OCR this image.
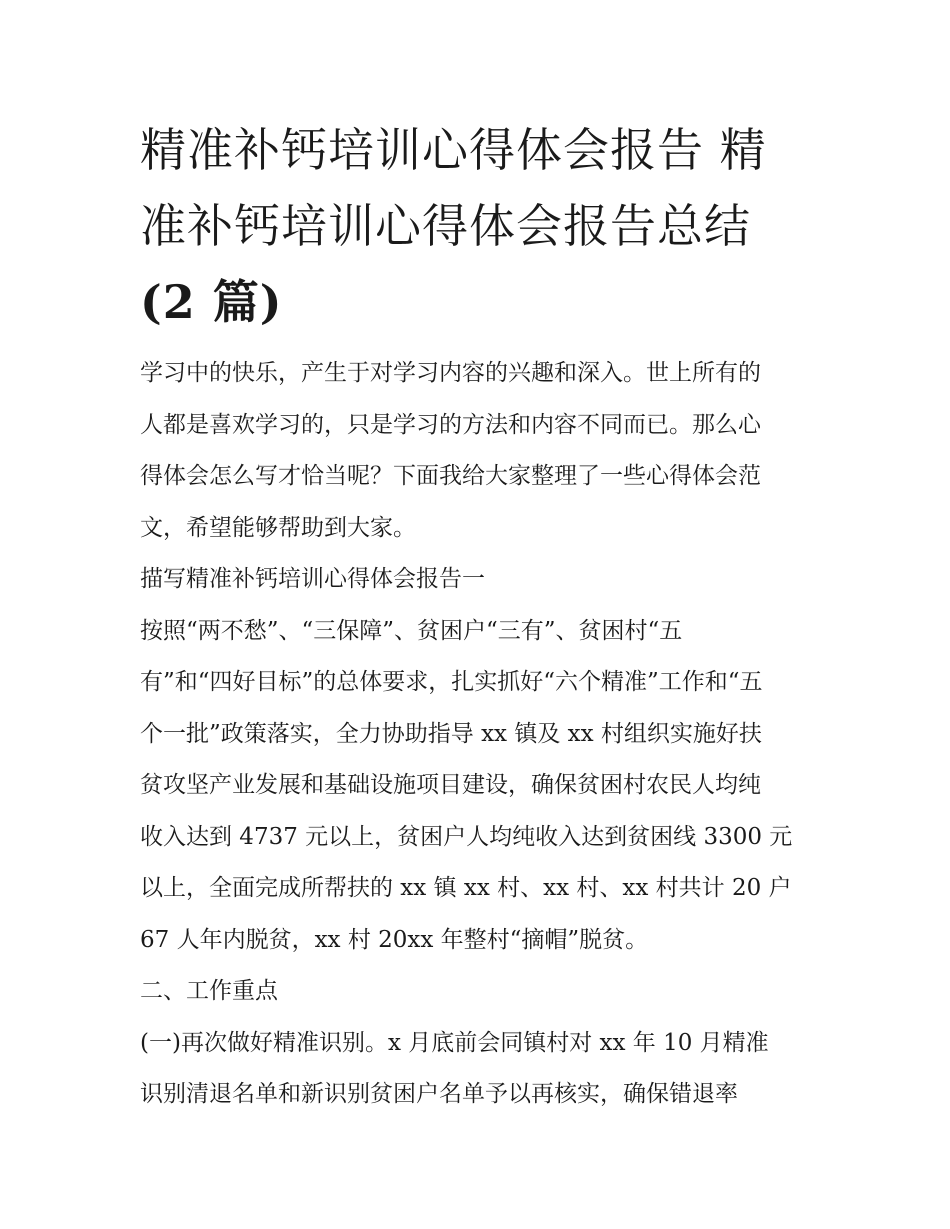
精准补钙培训心得体会报告 精
准补钙培训心得体会报告总结
(2 篇)

学习中的快乐，产生于对学习内容的兴趣和深入。世上所有的

人都是喜欢学习的，只是学习的方法和内容不同而已。那么心

得体会怎么写才恰当呢？下面我给大家整理了一些心得体会范

文，希望能够帮助到大家。

描写精准补钙培训心得体会报告一

按照“两不愁”、“三保障”、贫困户“三有”、贫困村“五

有”和“四好目标”的总体要求，扎实抓好“六个精准”工作和“五

个一批”政策落实，全力协助指导 xx 镇及 xx 村组织实施好扶

贫攻坚产业发展和基础设施项目建设，确保贫困村农民人均纯

收入达到 4737 元以上，贫困户人均纯收入达到贫困线 3300 元

以上，全面完成所帮扶的 xx 镇 xx 村、xx 村、xx 村共计 20 户

67 人年内脱贫，xx 村 20xx 年整村“摘帽”脱贫。

二、工作重点

(一)再次做好精准识别。x 月底前会同镇村对 xx 年 10 月精准

识别清退名单和新识别贫困户名单予以再核实，确保错退率
